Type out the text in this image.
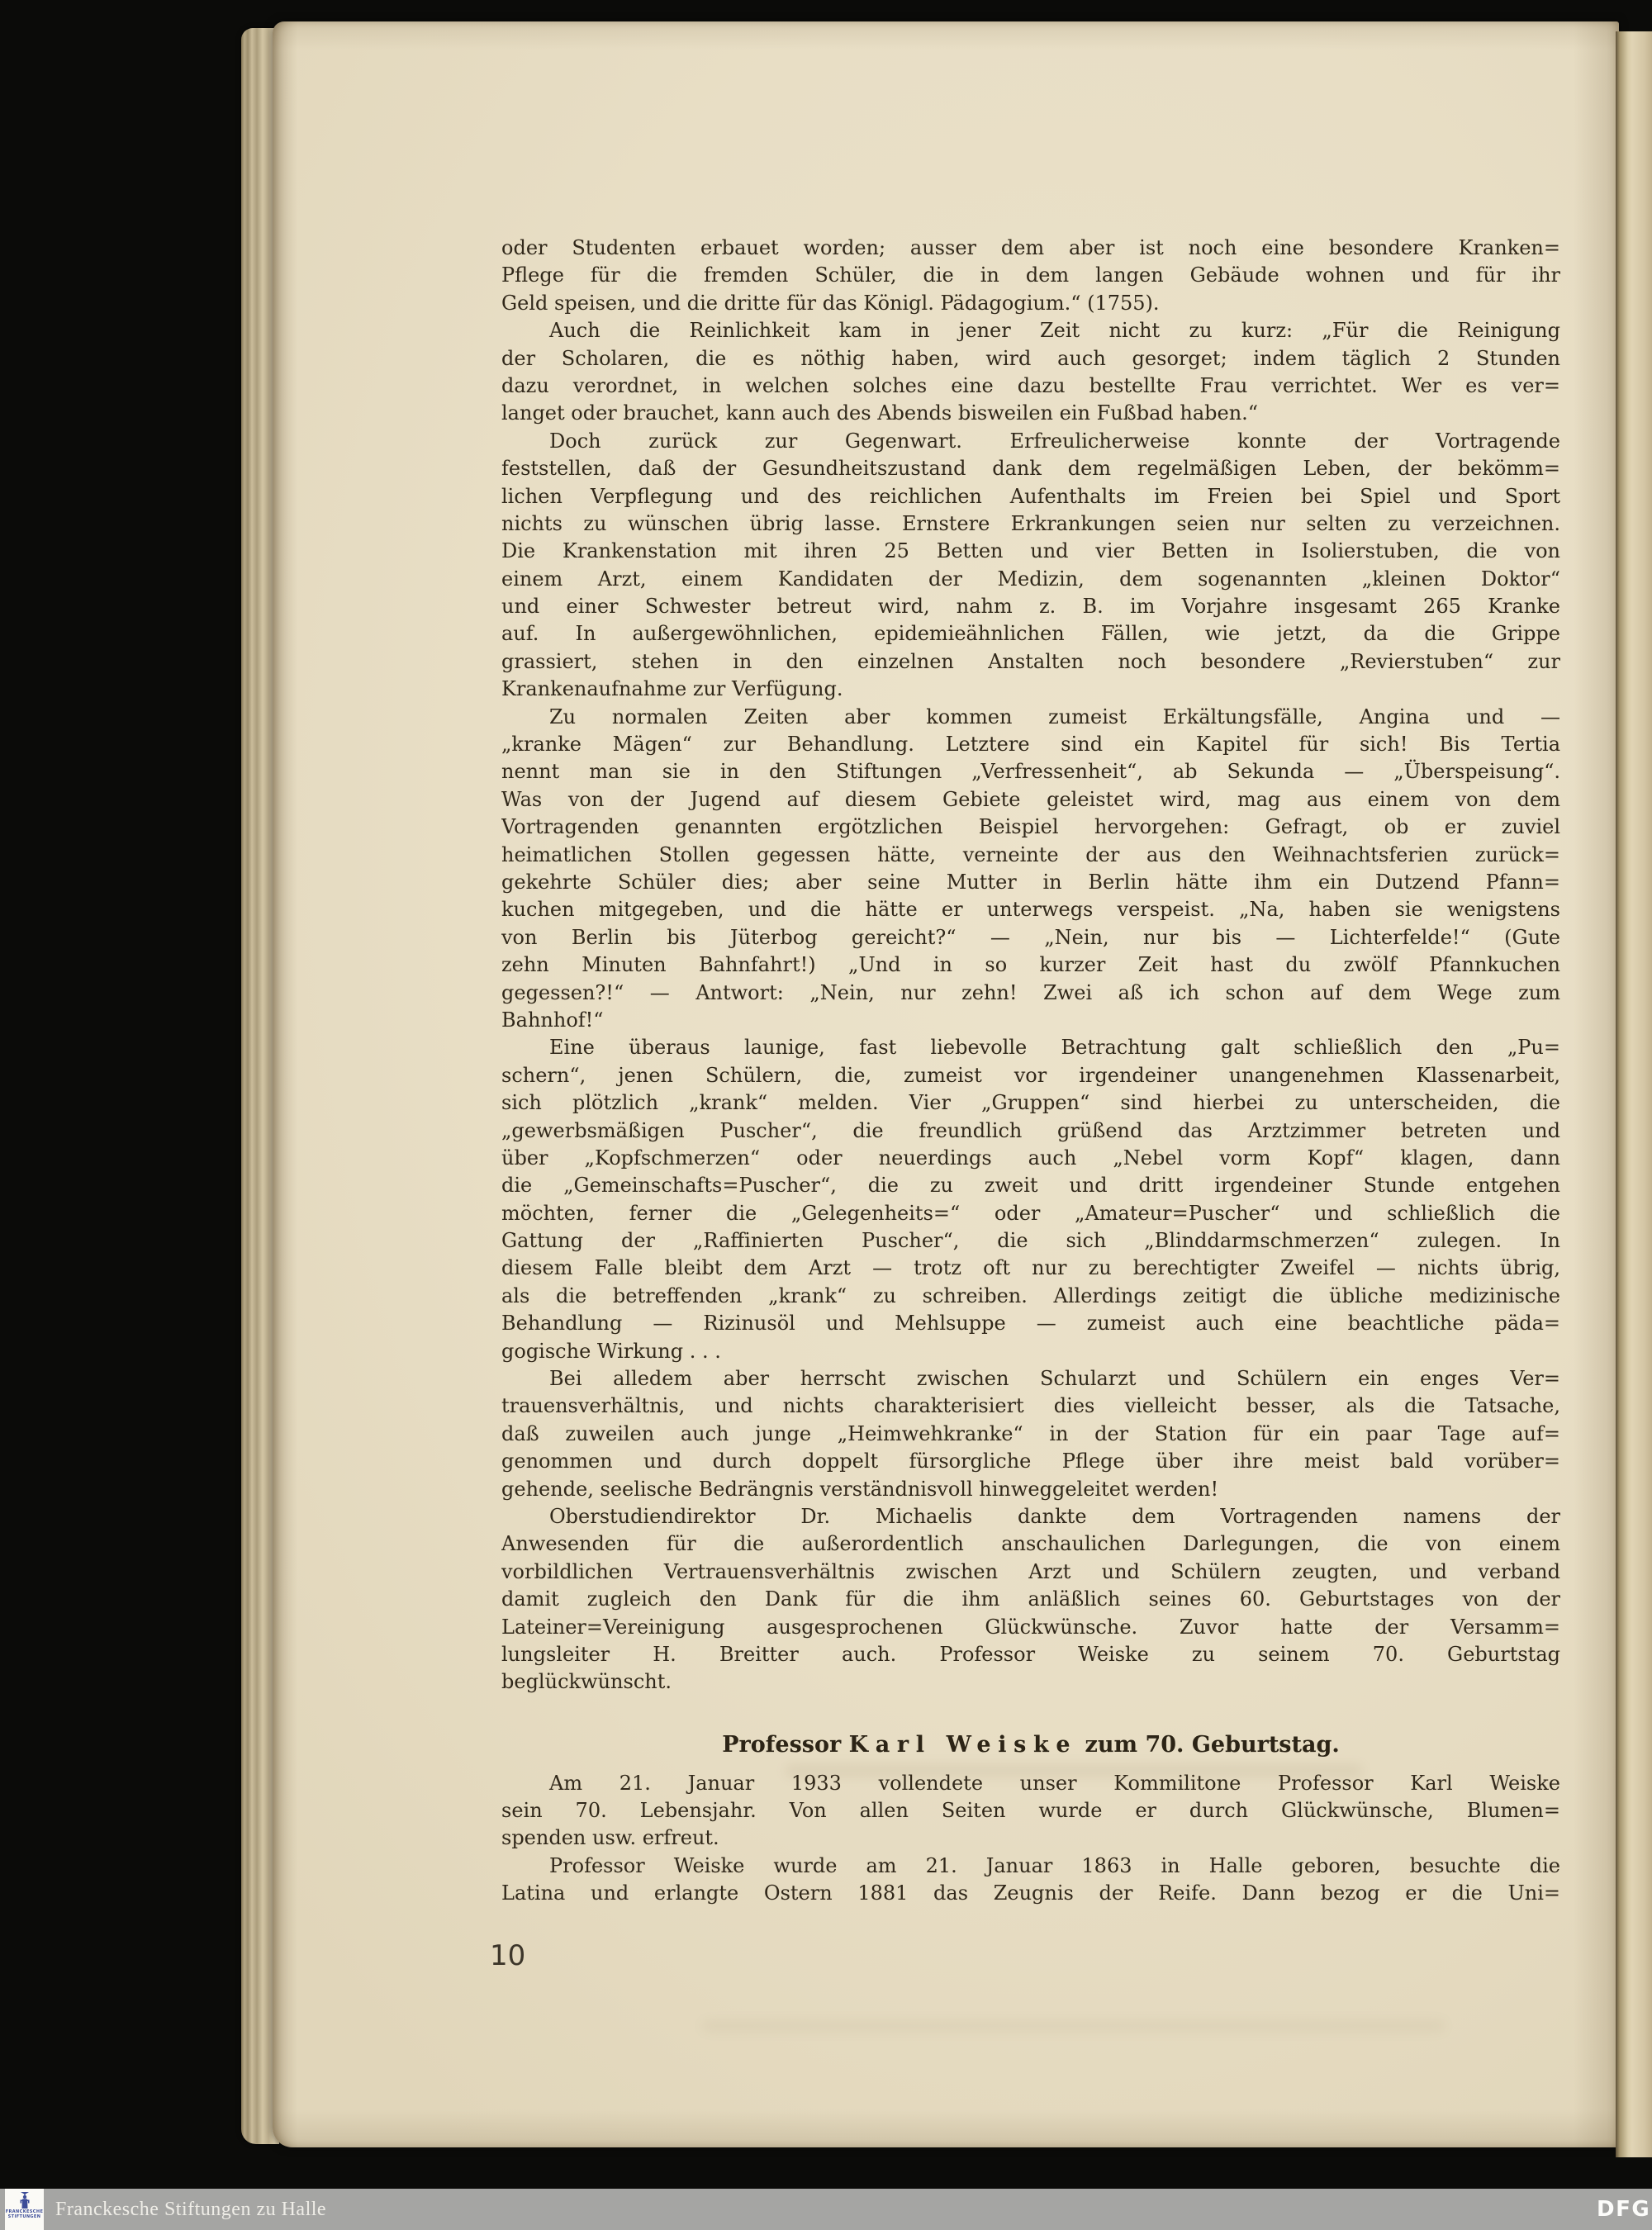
oder Studenten erbauet worden; ausser dem aber ist noch eine besondere Kranken=
Pflege für die fremden Schüler, die in dem langen Gebäude wohnen und für ihr
Geld speisen, und die dritte für das Königl. Pädagogium.“ (1755).
Auch die Reinlichkeit kam in jener Zeit nicht zu kurz: „Für die Reinigung
der Scholaren, die es nöthig haben, wird auch gesorget; indem täglich 2 Stunden
dazu verordnet, in welchen solches eine dazu bestellte Frau verrichtet. Wer es ver=
langet oder brauchet, kann auch des Abends bisweilen ein Fußbad haben.“
Doch zurück zur Gegenwart. Erfreulicherweise konnte der Vortragende
feststellen, daß der Gesundheitszustand dank dem regelmäßigen Leben, der bekömm=
lichen Verpflegung und des reichlichen Aufenthalts im Freien bei Spiel und Sport
nichts zu wünschen übrig lasse. Ernstere Erkrankungen seien nur selten zu verzeichnen.
Die Krankenstation mit ihren 25 Betten und vier Betten in Isolierstuben, die von
einem Arzt, einem Kandidaten der Medizin, dem sogenannten „kleinen Doktor“
und einer Schwester betreut wird, nahm z. B. im Vorjahre insgesamt 265 Kranke
auf. In außergewöhnlichen, epidemieähnlichen Fällen, wie jetzt, da die Grippe
grassiert, stehen in den einzelnen Anstalten noch besondere „Revierstuben“ zur
Krankenaufnahme zur Verfügung.
Zu normalen Zeiten aber kommen zumeist Erkältungsfälle, Angina und —
„kranke Mägen“ zur Behandlung. Letztere sind ein Kapitel für sich! Bis Tertia
nennt man sie in den Stiftungen „Verfressenheit“, ab Sekunda — „Überspeisung“.
Was von der Jugend auf diesem Gebiete geleistet wird, mag aus einem von dem
Vortragenden genannten ergötzlichen Beispiel hervorgehen: Gefragt, ob er zuviel
heimatlichen Stollen gegessen hätte, verneinte der aus den Weihnachtsferien zurück=
gekehrte Schüler dies; aber seine Mutter in Berlin hätte ihm ein Dutzend Pfann=
kuchen mitgegeben, und die hätte er unterwegs verspeist. „Na, haben sie wenigstens
von Berlin bis Jüterbog gereicht?“ — „Nein, nur bis — Lichterfelde!“ (Gute
zehn Minuten Bahnfahrt!) „Und in so kurzer Zeit hast du zwölf Pfannkuchen
gegessen?!“ — Antwort: „Nein, nur zehn! Zwei aß ich schon auf dem Wege zum
Bahnhof!“
Eine überaus launige, fast liebevolle Betrachtung galt schließlich den „Pu=
schern“, jenen Schülern, die, zumeist vor irgendeiner unangenehmen Klassenarbeit,
sich plötzlich „krank“ melden. Vier „Gruppen“ sind hierbei zu unterscheiden, die
„gewerbsmäßigen Puscher“, die freundlich grüßend das Arztzimmer betreten und
über „Kopfschmerzen“ oder neuerdings auch „Nebel vorm Kopf“ klagen, dann
die „Gemeinschafts=Puscher“, die zu zweit und dritt irgendeiner Stunde entgehen
möchten, ferner die „Gelegenheits=“ oder „Amateur=Puscher“ und schließlich die
Gattung der „Raffinierten Puscher“, die sich „Blinddarmschmerzen“ zulegen. In
diesem Falle bleibt dem Arzt — trotz oft nur zu berechtigter Zweifel — nichts übrig,
als die betreffenden „krank“ zu schreiben. Allerdings zeitigt die übliche medizinische
Behandlung — Rizinusöl und Mehlsuppe — zumeist auch eine beachtliche päda=
gogische Wirkung . . .
Bei alledem aber herrscht zwischen Schularzt und Schülern ein enges Ver=
trauensverhältnis, und nichts charakterisiert dies vielleicht besser, als die Tatsache,
daß zuweilen auch junge „Heimwehkranke“ in der Station für ein paar Tage auf=
genommen und durch doppelt fürsorgliche Pflege über ihre meist bald vorüber=
gehende, seelische Bedrängnis verständnisvoll hinweggeleitet werden!
Oberstudiendirektor Dr. Michaelis dankte dem Vortragenden namens der
Anwesenden für die außerordentlich anschaulichen Darlegungen, die von einem
vorbildlichen Vertrauensverhältnis zwischen Arzt und Schülern zeugten, und verband
damit zugleich den Dank für die ihm anläßlich seines 60. Geburtstages von der
Lateiner=Vereinigung ausgesprochenen Glückwünsche. Zuvor hatte der Versamm=
lungsleiter H. Breitter auch. Professor Weiske zu seinem 70. Geburtstag
beglückwünscht.
Professor Karl Weiske zum 70. Geburtstag.
Am 21. Januar 1933 vollendete unser Kommilitone Professor Karl Weiske
sein 70. Lebensjahr. Von allen Seiten wurde er durch Glückwünsche, Blumen=
spenden usw. erfreut.
Professor Weiske wurde am 21. Januar 1863 in Halle geboren, besuchte die
Latina und erlangte Ostern 1881 das Zeugnis der Reife. Dann bezog er die Uni=
10
FRANCKESCHE
STIFTUNGEN Franckesche Stiftungen zu Halle	DFG
